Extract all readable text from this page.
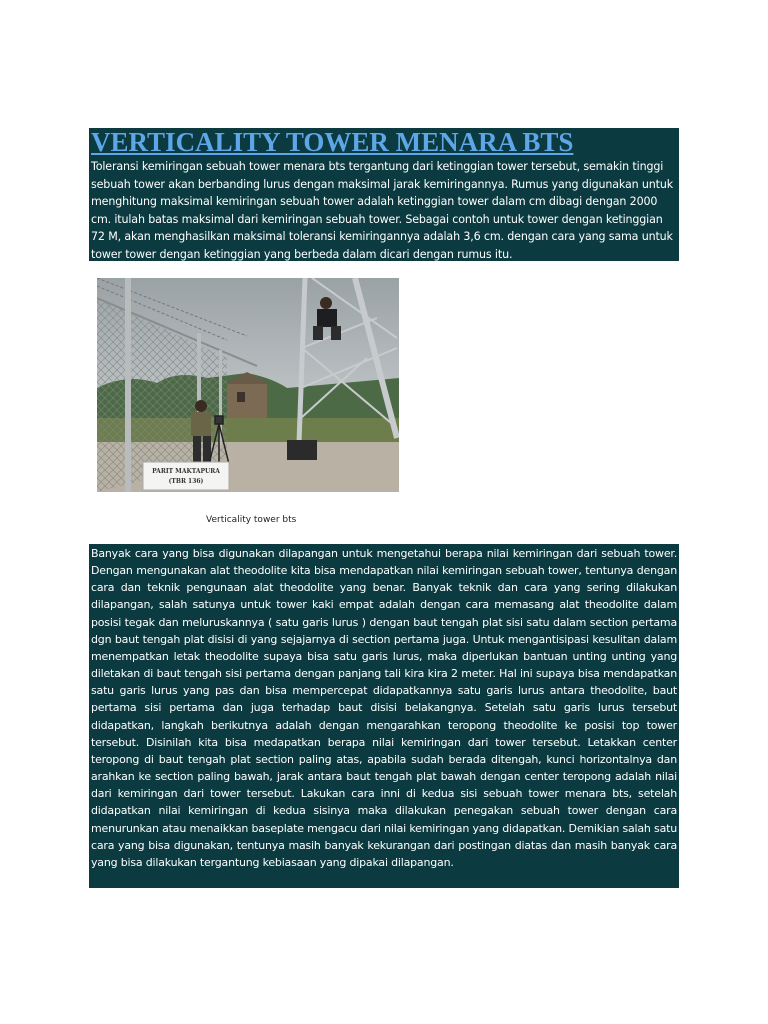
VERTICALITY TOWER MENARA BTS

Toleransi kemiringan sebuah tower menara bts tergantung dari ketinggian tower tersebut, semakin tinggi sebuah tower akan berbanding lurus dengan maksimal jarak kemiringannya. Rumus yang digunakan untuk menghitung maksimal kemiringan sebuah tower adalah ketinggian tower dalam cm dibagi dengan 2000 cm. itulah batas maksimal dari kemiringan sebuah tower. Sebagai contoh untuk tower dengan ketinggian 72 M, akan menghasilkan maksimal toleransi kemiringannya adalah 3,6 cm. dengan cara yang sama untuk tower tower dengan ketinggian yang berbeda dalam dicari dengan rumus itu.

PARIT MAKTAPURA
(TBR 136)
Verticality tower bts

Banyak cara yang bisa digunakan dilapangan untuk mengetahui berapa nilai kemiringan dari sebuah tower. Dengan mengunakan alat theodolite kita bisa mendapatkan nilai kemiringan sebuah tower, tentunya dengan cara dan teknik pengunaan alat theodolite yang benar. Banyak teknik dan cara yang sering dilakukan dilapangan, salah satunya untuk tower kaki empat adalah dengan cara memasang alat theodolite dalam posisi tegak dan meluruskannya ( satu garis lurus ) dengan baut tengah plat sisi satu dalam section pertama dgn baut tengah plat disisi di yang sejajarnya di section pertama juga. Untuk mengantisipasi kesulitan dalam menempatkan letak theodolite supaya bisa satu garis lurus, maka diperlukan bantuan unting unting yang diletakan di baut tengah sisi pertama dengan panjang tali kira kira 2 meter. Hal ini supaya bisa mendapatkan satu garis lurus yang pas dan bisa mempercepat didapatkannya satu garis lurus antara theodolite, baut pertama sisi pertama dan juga terhadap baut disisi belakangnya. Setelah satu garis lurus tersebut didapatkan, langkah berikutnya adalah dengan mengarahkan teropong theodolite ke posisi top tower tersebut. Disinilah kita bisa medapatkan berapa nilai kemiringan dari tower tersebut. Letakkan center teropong di baut tengah plat section paling atas, apabila sudah berada ditengah, kunci horizontalnya dan arahkan ke section paling bawah, jarak antara baut tengah plat bawah dengan center teropong adalah nilai dari kemiringan dari tower tersebut. Lakukan cara inni di kedua sisi sebuah tower menara bts, setelah didapatkan nilai kemiringan di kedua sisinya maka dilakukan penegakan sebuah tower dengan cara menurunkan atau menaikkan baseplate mengacu dari nilai kemiringan yang didapatkan. Demikian salah satu cara yang bisa digunakan, tentunya masih banyak kekurangan dari postingan diatas dan masih banyak cara yang bisa dilakukan tergantung kebiasaan yang dipakai dilapangan.
